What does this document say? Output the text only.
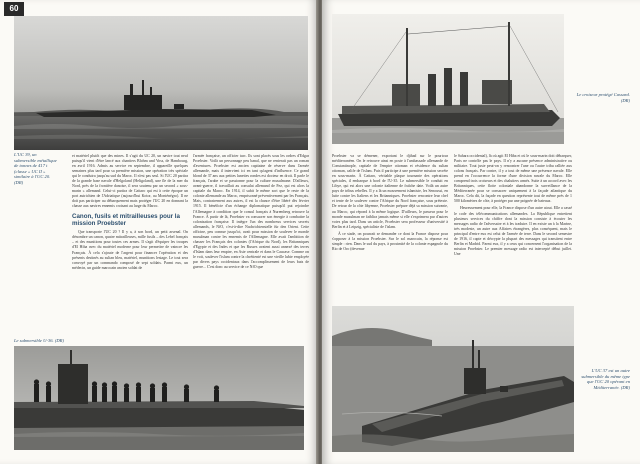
60
L'UC 39, un submersible métallique de tonnes de 417 t (classe « UC II » similaire à l'UC 20. (DR)

et matériel plutôt que des mines. Il s'agit du UC 20, un navire tout neuf puisqu'il vient d'être lancé aux chantiers Blohm und Voss, de Hambourg, en avril 1916. Admis au service en septembre, il appareille quelques semaines plus tard pour sa première mission, une opération très spéciale qui le conduira jusqu'au sud du Maroc. Il n'est pas seul. Si l'UC 20 partira de la grande base navale d'Helgoland (Heligoland), une île de la mer du Nord, près de la frontière danoise, il sera soutenu par un second « sous-marin » allemand. Celui-ci partira de Cattaro qui est à cette époque un port autrichien de l'Adriatique (aujourd'hui Kotor, au Monténégro). Il ne doit pas participer au débarquement mais protéger l'UC 20 en donnant la chasse aux navires ennemis croisant au large du Maroc.

Canon, fusils et mitrailleuses pour la mission Proebster

Que transporte l'UC 20 ? Il y a, à son bord, un petit arsenal. On dénombre un canon, quatre mitrailleuses, mille fusils – des Lebel français – et des munitions pour toutes ces armes. Il s'agit d'équiper les troupes d'El Hiba avec du matériel moderne pour leur permettre de vaincre les Français. À cela s'ajoute de l'argent pour financer l'opération et des présents destinés au sultan bleu, matériel, munitions lestage. Le tout sera convoyé par un commando composé de sept soldats. Parmi eux, un médecin, un guide marocain ancien soldat de

l'armée française, un officier turc. Ils sont placés sous les ordres d'Edgar Proebster. Voilà un personnage peu banal, que ne renierait pas un roman d'aventures. Proebster est ancien capitaine de réserve dans l'armée allemande, mais il intervient ici en tant qu'agent d'influence. Ce grand blond de 37 ans aux petites lunettes rondes est docteur en droit. Il parle le français, l'arabe et se passionne pour la culture musulmane. D'ailleurs, avant-guerre, il travaillait au consulat allemand de Fez, qui est alors la capitale du Maroc. En 1914, il subit le même sort que le reste de la colonie allemande au Maroc, emprisonné préventivement par les Français. Mais, contrairement aux autres, il est la chance d'être libéré dès février 1915. Il bénéficie d'un échange diplomatique puisqu'il put rejoindre l'Allemagne à condition que le consul français à Nuremberg retrouve la France. À partir de là, Proebster va consacrer son énergie à combattre la colonisation française. Il intègre l'un des nombreux services secrets allemands, le NfO, c'est-à-dire Nachrichtenstelle für den Orient. Cette officine, peu connue jusqu'ici, avait pour mission de soulever le monde musulman contre les ennemis de l'Allemagne. Elle avait l'ambition de chasser les Français des colonies (l'Afrique du Nord), les Britanniques d'Egypte et des Indes et que les Russes avaient aussi annexé des terres d'Islam dans leur empire, en Asie centrale et dans le Caucase. Comme on le voit, soulever l'islam contre la chrétienté est une vieille lubie employée par divers pays occidentaux dans l'accomplissement de leurs buts de guerre... C'est donc au service de ce NfO que

Le submersible U-36. (DR)
Le croiseur protégé Cassard. (DR)

Proebster va se démener, exportant le djihad sur le pourtour méditerranéen. On le retrouve ainsi en poste à l'ambassade allemande de Constantinople, capitale de l'empire ottoman et résidence du sultan ottoman, calife de l'islam. Puis il participe à une première mission secrète en sous-marin. À Cattaro, véritable plaque tournante des opérations spéciales, il embarque à bord de l'U-35. Le submersible le conduit en Libye, qui est alors une colonie italienne de fraîche date. Voilà un autre pays de tribus rebelles. Il y a là un mouvement islamiste, les Senoussi, en lutte contre les Italiens et les Britanniques. Proebster rencontre leur chef et tente de le soulever contre l'Afrique du Nord française, sous prétexte. De retour de la côte libyenne, Proebster prépare déjà sa mission suivante, au Maroc, qui répond à la même logique. D'ailleurs, le passeur pour le monde musulman ne faiblira jamais même si elle s'exprimera par d'autres voies plus tard. Dans un article, Proebster sera professeur d'université à Berlin et à Leipzig, spécialiste de l'islam.

À ce stade, on pourrait se demander ce dont la France dispose pour s'opposer à la mission Proebster. Sur le sol marocain, la réponse est simple : rien. Dans le sud du pays, à proximité de la colonie espagnole du Rio de Oro (devenue

le Sahara occidental), là où agit El Hiba et où le sous-marin doit débarquer, Paris ne contrôle pas le pays. Il n'y a aucune présence administrative ou militaire. Tout juste peut-on y rencontrer l'une ou l'autre tribu ralliée aux colons français. Par contre, il y a tout de même une présence navale. Elle prend en l'occurrence la forme d'une division navale du Maroc. Elle comprend trois croiseurs et des chalutiers armés. Suite à un accord avec les Britanniques, cette flotte coloniale abandonne la surveillance de la Méditerranée pour se consacrer uniquement à la façade atlantique du Maroc. Cela dit, la façade en question représente tout de même près de 1 500 kilomètres de côte, à protéger par une poignée de bateaux.

Heureusement pour elle, la France dispose d'un autre atout. Elle a cassé le code des télécommunications allemandes. La République entretient plusieurs services du chiffre dont la mission consiste à écouter les messages radio de l'adversaire et à les traduire. Il en existe un à la Marine, très modeste, un autre aux Affaires étrangères, plus conséquent, mais le principal d'entre eux est celui de l'armée de terre. Dans le second semestre de 1916, il capte et décrypte la plupart des messages qui transitent entre Berlin et Madrid. Parmi eux, il y a ceux qui concernent l'organisation de la mission Proebster. Le premier message radio est intercepté début juillet. Une

L'UC 37 est un autre submersible du même type que l'UC 20 opérant en Méditerranée. (DR)
